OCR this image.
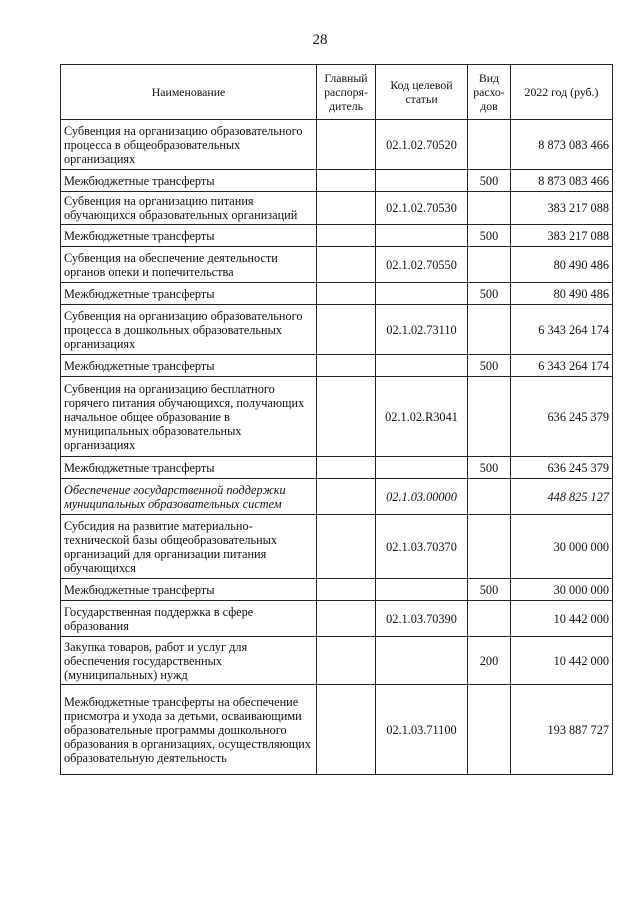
28
Наименование	Главный распоря- дитель	Код целевой статьи	Вид расхо- дов	2022 год (руб.)
Субвенция на организацию образовательного процесса в общеобразовательных организациях		02.1.02.70520		8 873 083 466
Межбюджетные трансферты			500	8 873 083 466
Субвенция на организацию питания обучающихся образовательных организаций		02.1.02.70530		383 217 088
Межбюджетные трансферты			500	383 217 088
Субвенция на обеспечение деятельности органов опеки и попечительства		02.1.02.70550		80 490 486
Межбюджетные трансферты			500	80 490 486
Субвенция на организацию образовательного процесса в дошкольных образовательных организациях		02.1.02.73110		6 343 264 174
Межбюджетные трансферты			500	6 343 264 174
Субвенция на организацию бесплатного горячего питания обучающихся, получающих начальное общее образование в муниципальных образовательных организациях		02.1.02.R3041		636 245 379
Межбюджетные трансферты			500	636 245 379
Обеспечение государственной поддержки муниципальных образовательных систем		02.1.03.00000		448 825 127
Субсидия на развитие материально-технической базы общеобразовательных организаций для организации питания обучающихся		02.1.03.70370		30 000 000
Межбюджетные трансферты			500	30 000 000
Государственная поддержка в сфере образования		02.1.03.70390		10 442 000
Закупка товаров, работ и услуг для обеспечения государственных (муниципальных) нужд			200	10 442 000
Межбюджетные трансферты на обеспечение присмотра и ухода за детьми, осваивающими образовательные программы дошкольного образования в организациях, осуществляющих образовательную деятельность		02.1.03.71100		193 887 727
